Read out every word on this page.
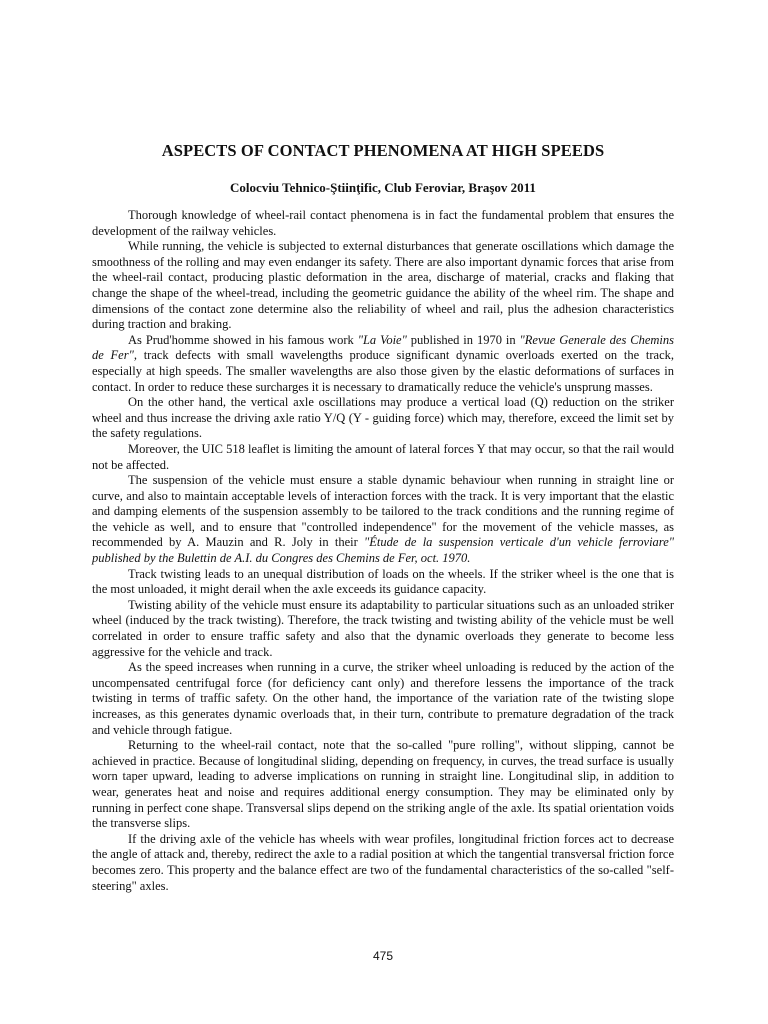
ASPECTS OF CONTACT PHENOMENA AT HIGH SPEEDS
Colocviu Tehnico-Ştiinţific, Club Feroviar, Braşov 2011

Thorough knowledge of wheel-rail contact phenomena is in fact the fundamental problem that ensures the development of the railway vehicles.

While running, the vehicle is subjected to external disturbances that generate oscillations which damage the smoothness of the rolling and may even endanger its safety. There are also important dynamic forces that arise from the wheel-rail contact, producing plastic deformation in the area, discharge of material, cracks and flaking that change the shape of the wheel-tread, including the geometric guidance the ability of the wheel rim. The shape and dimensions of the contact zone determine also the reliability of wheel and rail, plus the adhesion characteristics during traction and braking.

As Prud'homme showed in his famous work "La Voie" published in 1970 in "Revue Generale des Chemins de Fer", track defects with small wavelengths produce significant dynamic overloads exerted on the track, especially at high speeds. The smaller wavelengths are also those given by the elastic deformations of surfaces in contact. In order to reduce these surcharges it is necessary to dramatically reduce the vehicle's unsprung masses.

On the other hand, the vertical axle oscillations may produce a vertical load (Q) reduction on the striker wheel and thus increase the driving axle ratio Y/Q (Y - guiding force) which may, therefore, exceed the limit set by the safety regulations.

Moreover, the UIC 518 leaflet is limiting the amount of lateral forces Y that may occur, so that the rail would not be affected.

The suspension of the vehicle must ensure a stable dynamic behaviour when running in straight line or curve, and also to maintain acceptable levels of interaction forces with the track. It is very important that the elastic and damping elements of the suspension assembly to be tailored to the track conditions and the running regime of the vehicle as well, and to ensure that "controlled independence" for the movement of the vehicle masses, as recommended by A. Mauzin and R. Joly in their "Étude de la suspension verticale d'un vehicle ferroviare" published by the Bulettin de A.I. du Congres des Chemins de Fer, oct. 1970.

Track twisting leads to an unequal distribution of loads on the wheels. If the striker wheel is the one that is the most unloaded, it might derail when the axle exceeds its guidance capacity.

Twisting ability of the vehicle must ensure its adaptability to particular situations such as an unloaded striker wheel (induced by the track twisting). Therefore, the track twisting and twisting ability of the vehicle must be well correlated in order to ensure traffic safety and also that the dynamic overloads they generate to become less aggressive for the vehicle and track.

As the speed increases when running in a curve, the striker wheel unloading is reduced by the action of the uncompensated centrifugal force (for deficiency cant only) and therefore lessens the importance of the track twisting in terms of traffic safety. On the other hand, the importance of the variation rate of the twisting slope increases, as this generates dynamic overloads that, in their turn, contribute to premature degradation of the track and vehicle through fatigue.

Returning to the wheel-rail contact, note that the so-called "pure rolling", without slipping, cannot be achieved in practice. Because of longitudinal sliding, depending on frequency, in curves, the tread surface is usually worn taper upward, leading to adverse implications on running in straight line. Longitudinal slip, in addition to wear, generates heat and noise and requires additional energy consumption. They may be eliminated only by running in perfect cone shape. Transversal slips depend on the striking angle of the axle. Its spatial orientation voids the transverse slips.

If the driving axle of the vehicle has wheels with wear profiles, longitudinal friction forces act to decrease the angle of attack and, thereby, redirect the axle to a radial position at which the tangential transversal friction force becomes zero. This property and the balance effect are two of the fundamental characteristics of the so-called "self-steering" axles.

475
